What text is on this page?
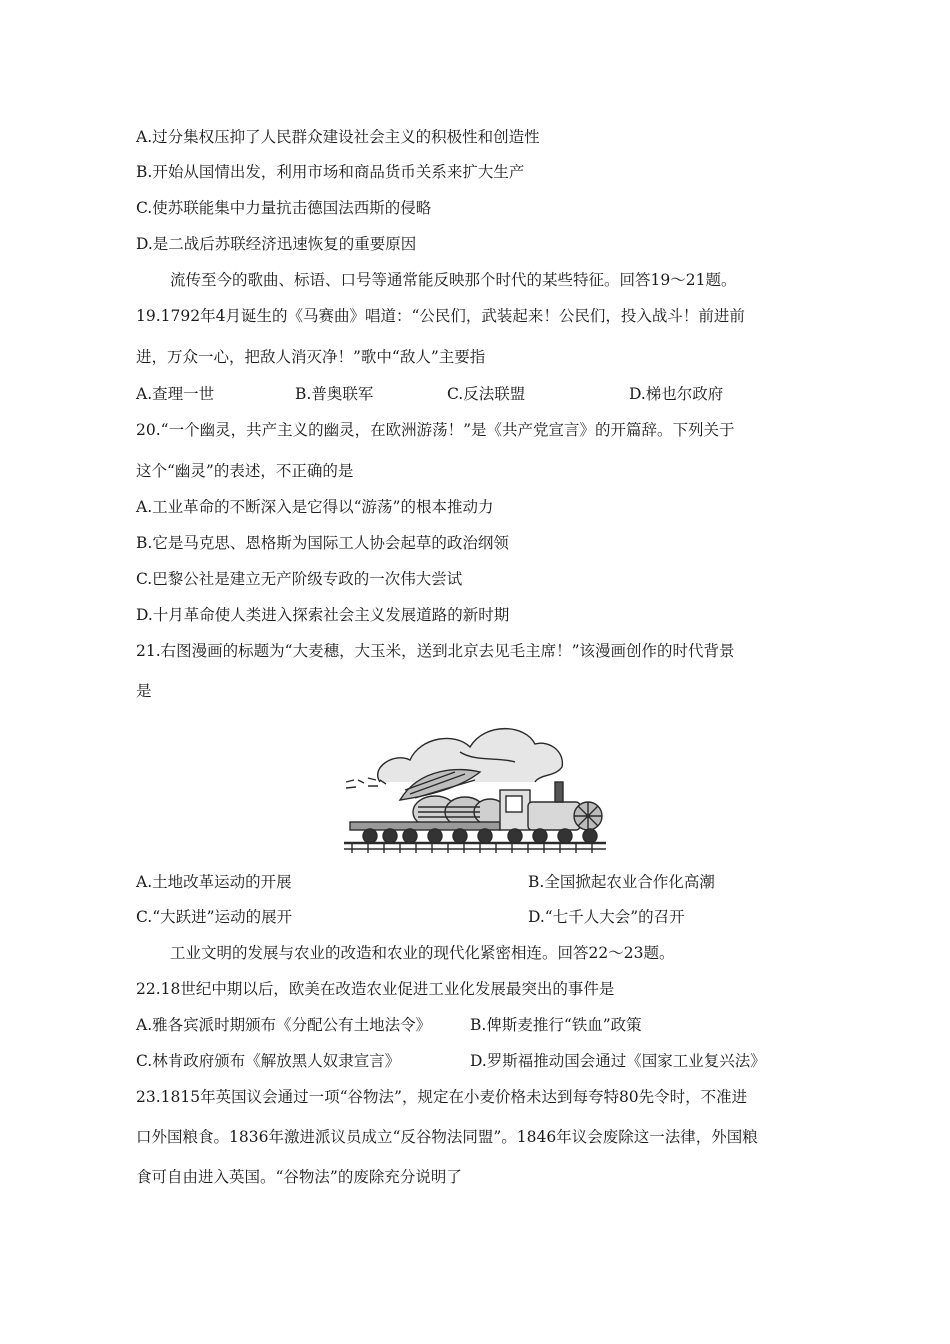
A.过分集权压抑了人民群众建设社会主义的积极性和创造性
B.开始从国情出发，利用市场和商品货币关系来扩大生产
C.使苏联能集中力量抗击德国法西斯的侵略
D.是二战后苏联经济迅速恢复的重要原因
流传至今的歌曲、标语、口号等通常能反映那个时代的某些特征。回答19～21题。
19.1792年4月诞生的《马赛曲》唱道：“公民们，武装起来！公民们，投入战斗！前进前
进，万众一心，把敌人消灭净！”歌中“敌人”主要指
A.查理一世	B.普奥联军	C.反法联盟	D.梯也尔政府
20.“一个幽灵，共产主义的幽灵，在欧洲游荡！”是《共产党宣言》的开篇辞。下列关于
这个“幽灵”的表述，不正确的是
A.工业革命的不断深入是它得以“游荡”的根本推动力
B.它是马克思、恩格斯为国际工人协会起草的政治纲领
C.巴黎公社是建立无产阶级专政的一次伟大尝试
D.十月革命使人类进入探索社会主义发展道路的新时期
21.右图漫画的标题为“大麦穗，大玉米，送到北京去见毛主席！”该漫画创作的时代背景
是
A.土地改革运动的开展	B.全国掀起农业合作化高潮
C.“大跃进”运动的展开	D.“七千人大会”的召开
工业文明的发展与农业的改造和农业的现代化紧密相连。回答22～23题。
22.18世纪中期以后，欧美在改造农业促进工业化发展最突出的事件是
A.雅各宾派时期颁布《分配公有土地法令》	B.俾斯麦推行“铁血”政策
C.林肯政府颁布《解放黑人奴隶宣言》	D.罗斯福推动国会通过《国家工业复兴法》
23.1815年英国议会通过一项“谷物法”，规定在小麦价格未达到每夸特80先令时，不准进
口外国粮食。1836年激进派议员成立“反谷物法同盟”。1846年议会废除这一法律，外国粮
食可自由进入英国。“谷物法”的废除充分说明了
